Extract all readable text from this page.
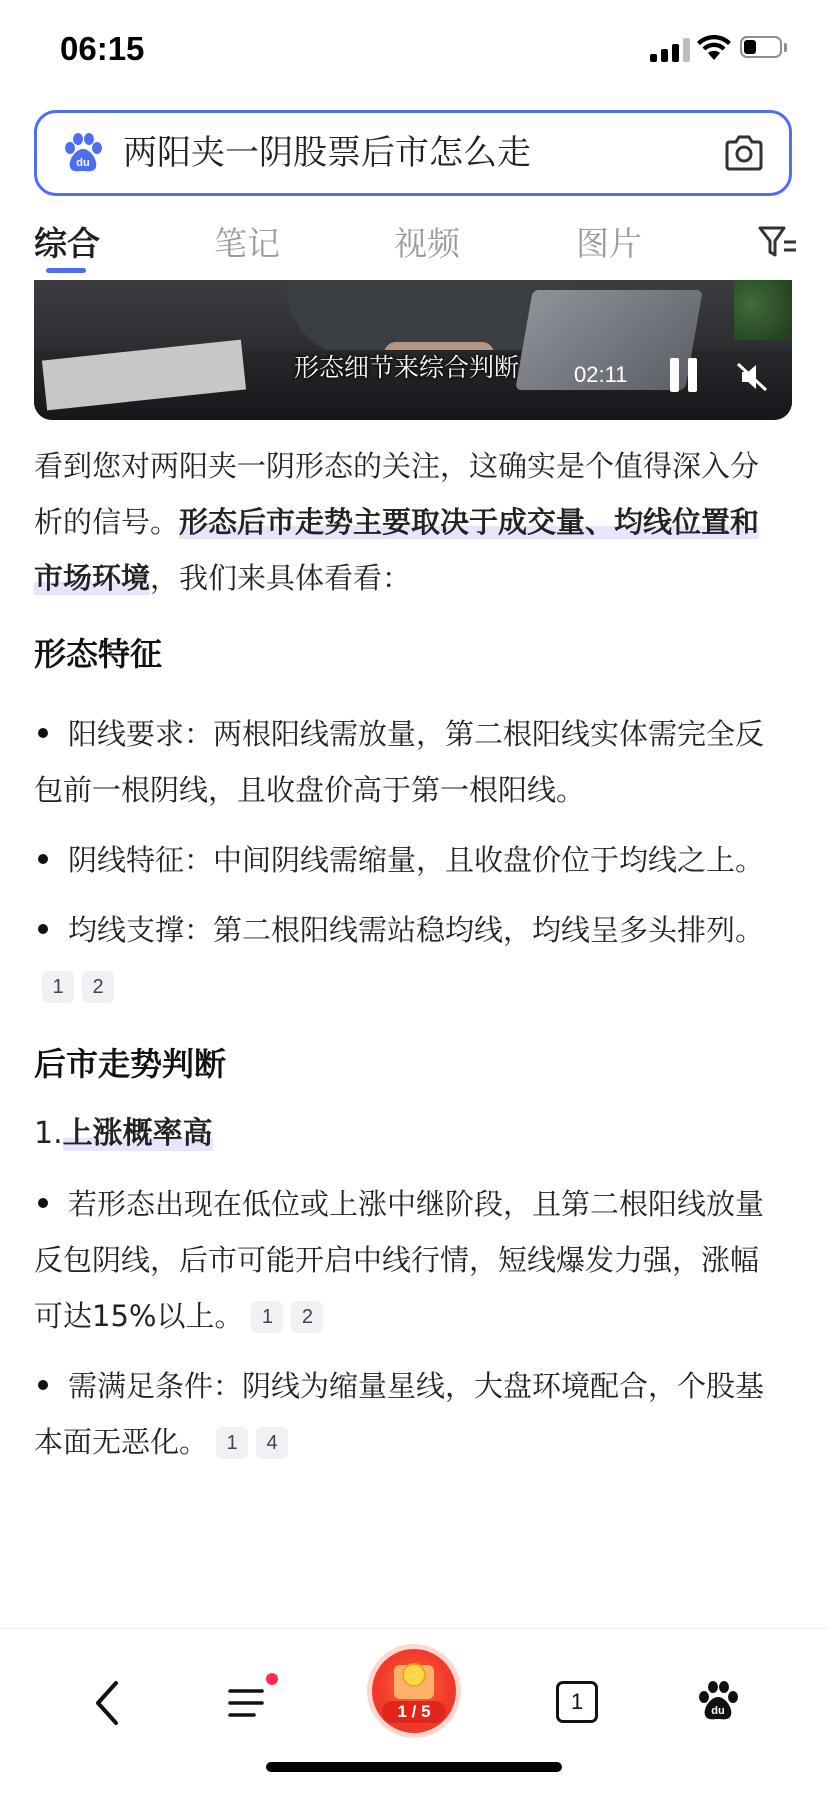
06:15
du 两阳夹一阴股票后市怎么走
综合	笔记	视频	图片
形态细节来综合判断 02:11

看到您对两阳夹一阴形态的关注，这确实是个值得深入分析的信号。形态后市走势主要取决于成交量、均线位置和市场环境，我们来具体看看：

形态特征

阳线要求：两根阳线需放量，第二根阳线实体需完全反包前一根阴线，且收盘价高于第一根阳线。

阴线特征：中间阴线需缩量，且收盘价位于均线之上。

均线支撑：第二根阳线需站稳均线，均线呈多头排列。1 2

后市走势判断

1.上涨概率高

若形态出现在低位或上涨中继阶段，且第二根阳线放量反包阴线，后市可能开启中线行情，短线爆发力强，涨幅可达15%以上。 1 2

需满足条件：阴线为缩量星线，大盘环境配合，个股基本面无恶化。 1 4

1 / 5	1	du
